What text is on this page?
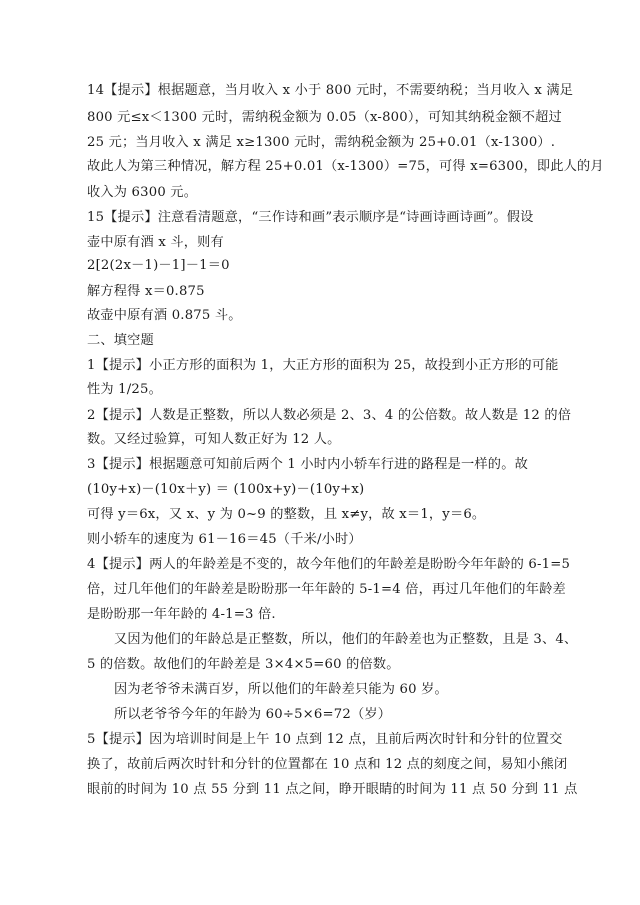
14【提示】根据题意，当月收入 x 小于 800 元时，不需要纳税；当月收入 x 满足
800 元≤x＜1300 元时，需纳税金额为 0.05（x-800），可知其纳税金额不超过
25 元；当月收入 x 满足 x≥1300 元时，需纳税金额为 25+0.01（x-1300）.
故此人为第三种情况，解方程 25+0.01（x-1300）=75，可得 x=6300，即此人的月
收入为 6300 元。
15【提示】注意看清题意，“三作诗和画”表示顺序是“诗画诗画诗画”。假设
壶中原有酒 x 斗，则有
2[2(2x－1)－1]－1＝0
解方程得 x＝0.875
故壶中原有酒 0.875 斗。
二、填空题
1【提示】小正方形的面积为 1，大正方形的面积为 25，故投到小正方形的可能
性为 1/25。
2【提示】人数是正整数，所以人数必须是 2、3、4 的公倍数。故人数是 12 的倍
数。又经过验算，可知人数正好为 12 人。
3【提示】根据题意可知前后两个 1 小时内小轿车行进的路程是一样的。故
(10y+x)－(10x＋y) ＝ (100x+y)－(10y+x)
可得 y＝6x，又 x、y 为 0~9 的整数，且 x≠y，故 x＝1，y＝6。
则小轿车的速度为 61－16＝45（千米/小时）
4【提示】两人的年龄差是不变的，故今年他们的年龄差是盼盼今年年龄的 6-1=5
倍，过几年他们的年龄差是盼盼那一年年龄的 5-1=4 倍，再过几年他们的年龄差
是盼盼那一年年龄的 4-1=3 倍.
又因为他们的年龄总是正整数，所以，他们的年龄差也为正整数，且是 3、4、
5 的倍数。故他们的年龄差是 3×4×5=60 的倍数。
因为老爷爷未满百岁，所以他们的年龄差只能为 60 岁。
所以老爷爷今年的年龄为 60÷5×6=72（岁）
5【提示】因为培训时间是上午 10 点到 12 点，且前后两次时针和分针的位置交
换了，故前后两次时针和分针的位置都在 10 点和 12 点的刻度之间，易知小熊闭
眼前的时间为 10 点 55 分到 11 点之间，睁开眼睛的时间为 11 点 50 分到 11 点
